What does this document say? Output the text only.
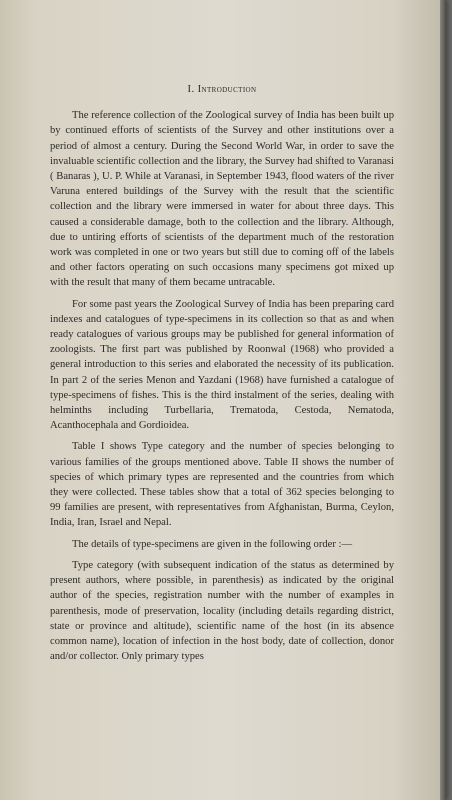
I. Introduction

The reference collection of the Zoological survey of India has been built up by continued efforts of scientists of the Survey and other institutions over a period of almost a century. During the Second World War, in order to save the invaluable scientific collection and the library, the Survey had shifted to Varanasi ( Banaras ), U. P. While at Varanasi, in September 1943, flood waters of the river Varuna entered buildings of the Survey with the result that the scientific collection and the library were immersed in water for about three days. This caused a considerable damage, both to the collection and the library. Although, due to untiring efforts of scientists of the department much of the restoration work was completed in one or two years but still due to coming off of the labels and other factors operating on such occasions many specimens got mixed up with the result that many of them became untracable.

For some past years the Zoological Survey of India has been preparing card indexes and catalogues of type-specimens in its collection so that as and when ready catalogues of various groups may be published for general information of zoologists. The first part was published by Roonwal (1968) who provided a general introduction to this series and elaborated the necessity of its publication. In part 2 of the series Menon and Yazdani (1968) have furnished a catalogue of type-specimens of fishes. This is the third instalment of the series, dealing with helminths including Turbellaria, Trematoda, Cestoda, Nematoda, Acanthocephala and Gordioidea.

Table I shows Type category and the number of species belonging to various families of the groups mentioned above. Table II shows the number of species of which primary types are represented and the countries from which they were collected. These tables show that a total of 362 species belonging to 99 families are present, with representatives from Afghanistan, Burma, Ceylon, India, Iran, Israel and Nepal.

The details of type-specimens are given in the following order :—

Type category (with subsequent indication of the status as determined by present authors, where possible, in parenthesis) as indicated by the original author of the species, registration number with the number of examples in parenthesis, mode of preservation, locality (including details regarding district, state or province and altitude), scientific name of the host (in its absence common name), location of infection in the host body, date of collection, donor and/or collector. Only primary types
